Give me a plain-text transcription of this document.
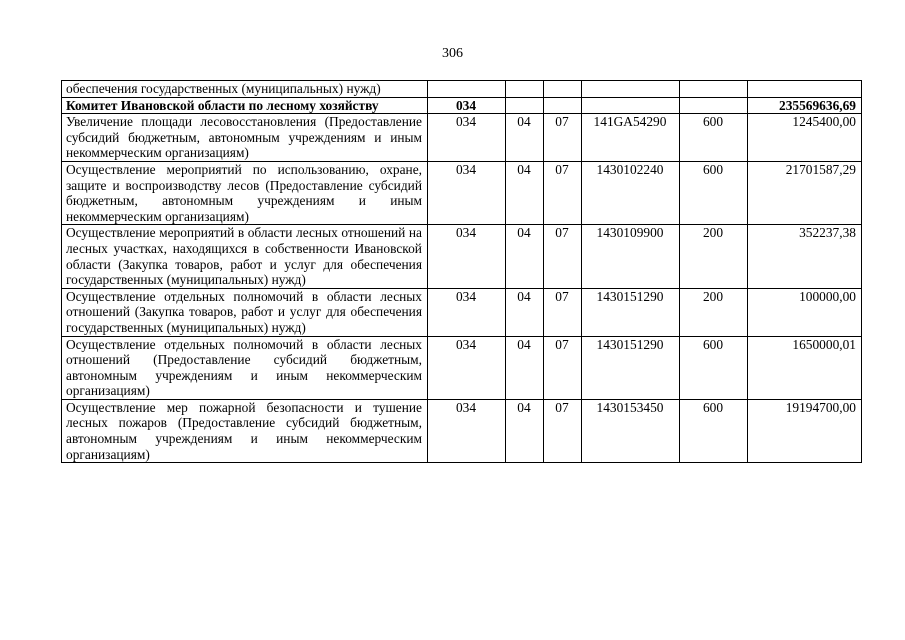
306
обеспечения государственных (муниципальных) нужд)						
Комитет Ивановской области по лесному хозяйству	034					235569636,69
Увеличение площади лесовосстановления (Предоставление субсидий бюджетным, автономным учреждениям и иным некоммерческим организациям)	034	04	07	141GA54290	600	1245400,00
Осуществление мероприятий по использованию, охране, защите и воспроизводству лесов (Предоставление субсидий бюджетным, автономным учреждениям и иным некоммерческим организациям)	034	04	07	1430102240	600	21701587,29
Осуществление мероприятий в области лесных отношений на лесных участках, находящихся в собственности Ивановской области (Закупка товаров, работ и услуг для обеспечения государственных (муниципальных) нужд)	034	04	07	1430109900	200	352237,38
Осуществление отдельных полномочий в области лесных отношений (Закупка товаров, работ и услуг для обеспечения государственных (муниципальных) нужд)	034	04	07	1430151290	200	100000,00
Осуществление отдельных полномочий в области лесных отношений (Предоставление субсидий бюджетным, автономным учреждениям и иным некоммерческим организациям)	034	04	07	1430151290	600	1650000,01
Осуществление мер пожарной безопасности и тушение лесных пожаров (Предоставление субсидий бюджетным, автономным учреждениям и иным некоммерческим организациям)	034	04	07	1430153450	600	19194700,00
